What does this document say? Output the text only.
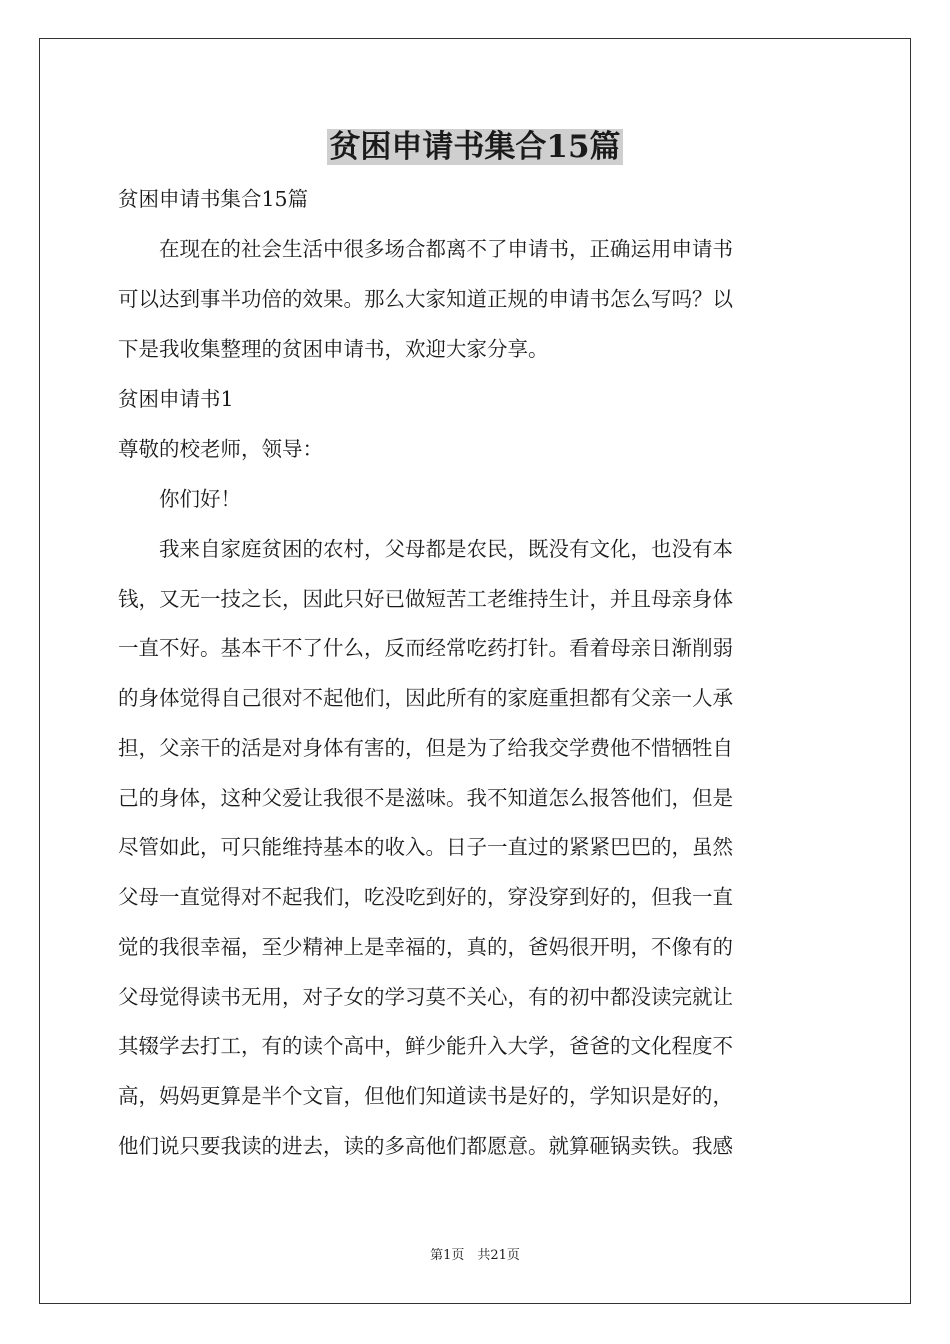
贫困申请书集合15篇
贫困申请书集合15篇
　　在现在的社会生活中很多场合都离不了申请书，正确运用申请书
可以达到事半功倍的效果。那么大家知道正规的申请书怎么写吗？以
下是我收集整理的贫困申请书，欢迎大家分享。
贫困申请书1
尊敬的校老师，领导：
　　你们好！
　　我来自家庭贫困的农村，父母都是农民，既没有文化，也没有本
钱，又无一技之长，因此只好已做短苦工老维持生计，并且母亲身体
一直不好。基本干不了什么，反而经常吃药打针。看着母亲日渐削弱
的身体觉得自己很对不起他们，因此所有的家庭重担都有父亲一人承
担，父亲干的活是对身体有害的，但是为了给我交学费他不惜牺牲自
己的身体，这种父爱让我很不是滋味。我不知道怎么报答他们，但是
尽管如此，可只能维持基本的收入。日子一直过的紧紧巴巴的，虽然
父母一直觉得对不起我们，吃没吃到好的，穿没穿到好的，但我一直
觉的我很幸福，至少精神上是幸福的，真的，爸妈很开明，不像有的
父母觉得读书无用，对子女的学习莫不关心，有的初中都没读完就让
其辍学去打工，有的读个高中，鲜少能升入大学，爸爸的文化程度不
高，妈妈更算是半个文盲，但他们知道读书是好的，学知识是好的，
他们说只要我读的进去，读的多高他们都愿意。就算砸锅卖铁。我感
第1页　共21页
